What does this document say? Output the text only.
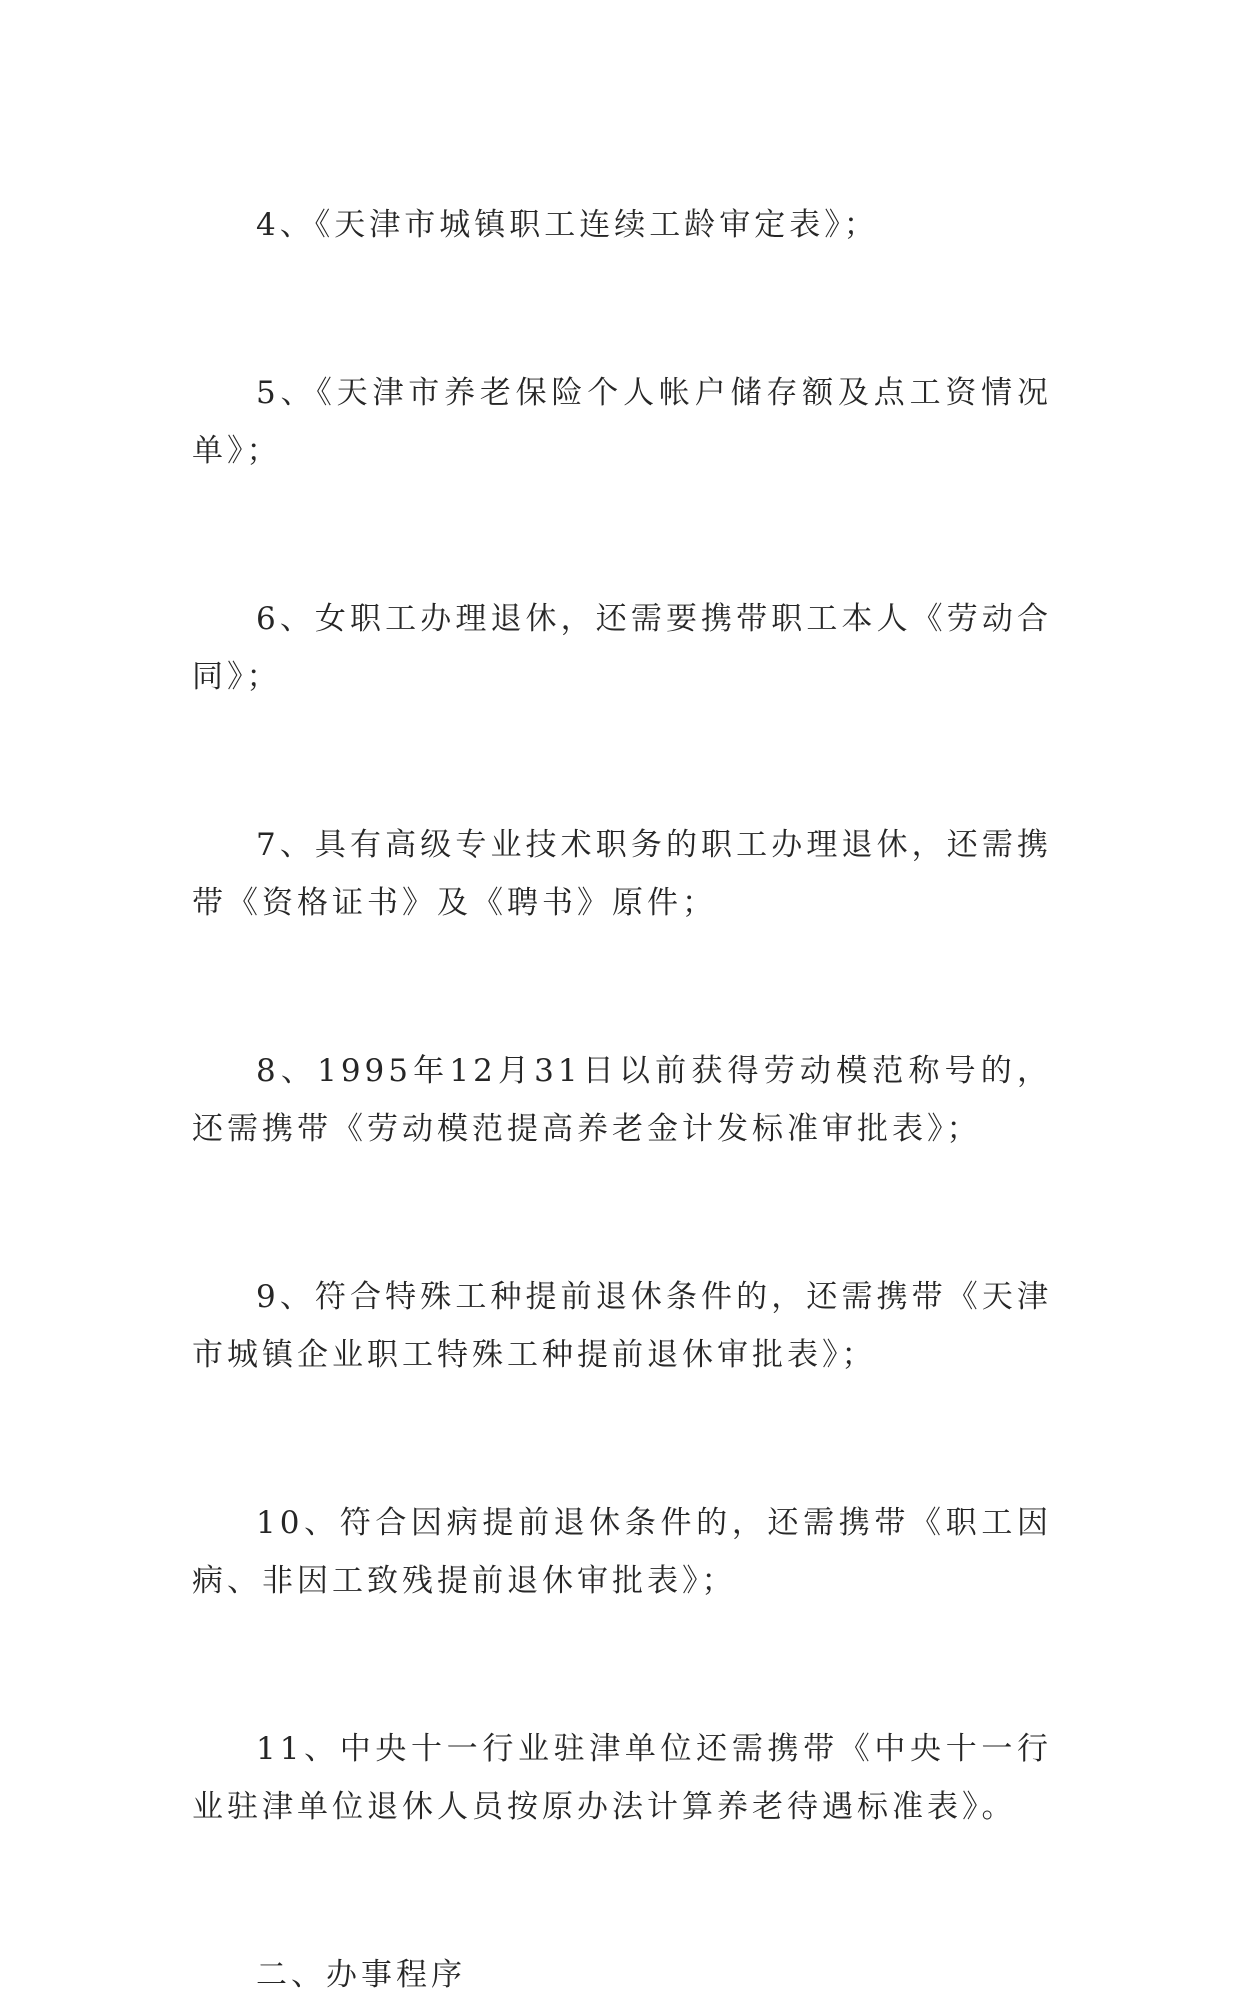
4、《天津市城镇职工连续工龄审定表》；

5、《天津市养老保险个人帐户储存额及点工资情况单》；

6、女职工办理退休，还需要携带职工本人《劳动合同》；

7、具有高级专业技术职务的职工办理退休，还需携带《资格证书》及《聘书》原件；

8、1995年12月31日以前获得劳动模范称号的，还需携带《劳动模范提高养老金计发标准审批表》；

9、符合特殊工种提前退休条件的，还需携带《天津市城镇企业职工特殊工种提前退休审批表》；

10、符合因病提前退休条件的，还需携带《职工因病、非因工致残提前退休审批表》；

11、中央十一行业驻津单位还需携带《中央十一行业驻津单位退休人员按原办法计算养老待遇标准表》。

二、办事程序
